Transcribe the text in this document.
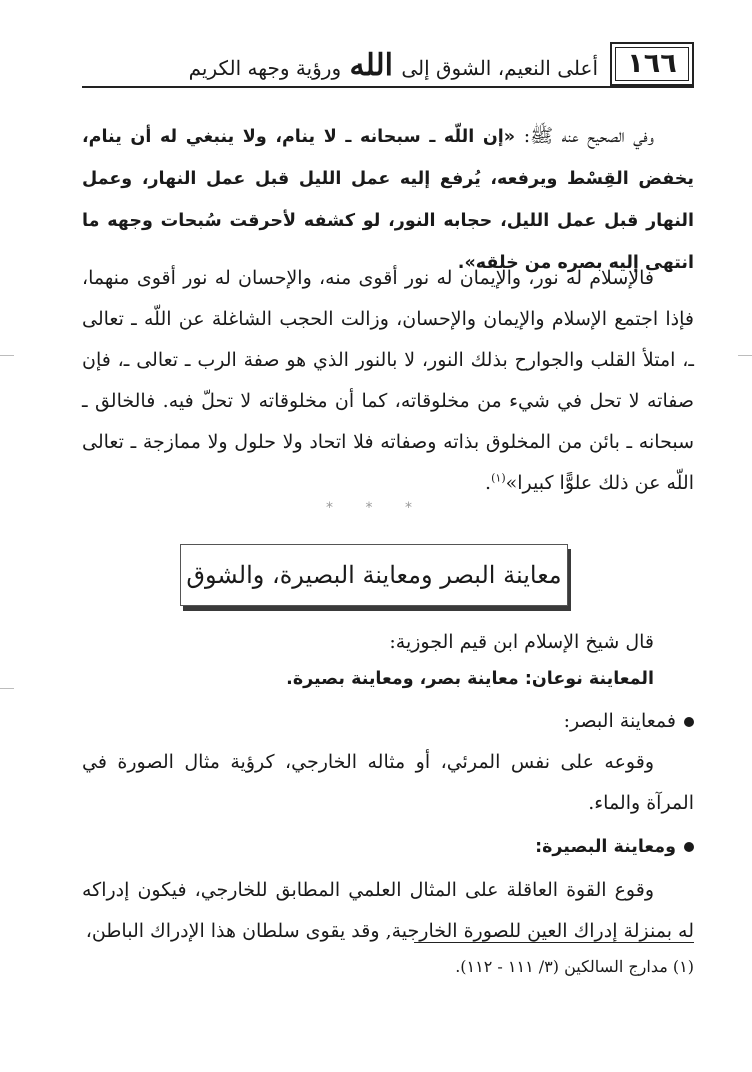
١٦٦
أعلى النعيم، الشوق إلى الله ورؤية وجهه الكريم

وفي الصحيح عنه ﷺ: «إن اللّه ـ سبحانه ـ لا ينام، ولا ينبغي له أن ينام، يخفض القِسْط ويرفعه، يُرفع إليه عمل الليل قبل عمل النهار، وعمل النهار قبل عمل الليل، حجابه النور، لو كشفه لأحرقت سُبحات وجهه ما انتهى إليه بصره من خلقه».

فالإسلام له نور، والإيمان له نور أقوى منه، والإحسان له نور أقوى منهما، فإذا اجتمع الإسلام والإيمان والإحسان، وزالت الحجب الشاغلة عن اللّه ـ تعالى ـ، امتلأ القلب والجوارح بذلك النور، لا بالنور الذي هو صفة الرب ـ تعالى ـ، فإن صفاته لا تحل في شيء من مخلوقاته، كما أن مخلوقاته لا تحلّ فيه. فالخالق ـ سبحانه ـ بائن من المخلوق بذاته وصفاته فلا اتحاد ولا حلول ولا ممازجة ـ تعالى اللّه عن ذلك علوًّا كبيرا»$^{(١)}$.

* * *
معاينة البصر ومعاينة البصيرة، والشوق

قال شيخ الإسلام ابن قيم الجوزية:

المعاينة نوعان: معاينة بصر، ومعاينة بصيرة.

فمعاينة البصر:

وقوعه على نفس المرئي، أو مثاله الخارجي، كرؤية مثال الصورة في المرآة والماء.

ومعاينة البصيرة:

وقوع القوة العاقلة على المثال العلمي المطابق للخارجي، فيكون إدراكه له بمنزلة إدراك العين للصورة الخارجية, وقد يقوى سلطان هذا الإدراك الباطن،

(١) مدارج السالكين (٣/ ١١١ - ١١٢).
